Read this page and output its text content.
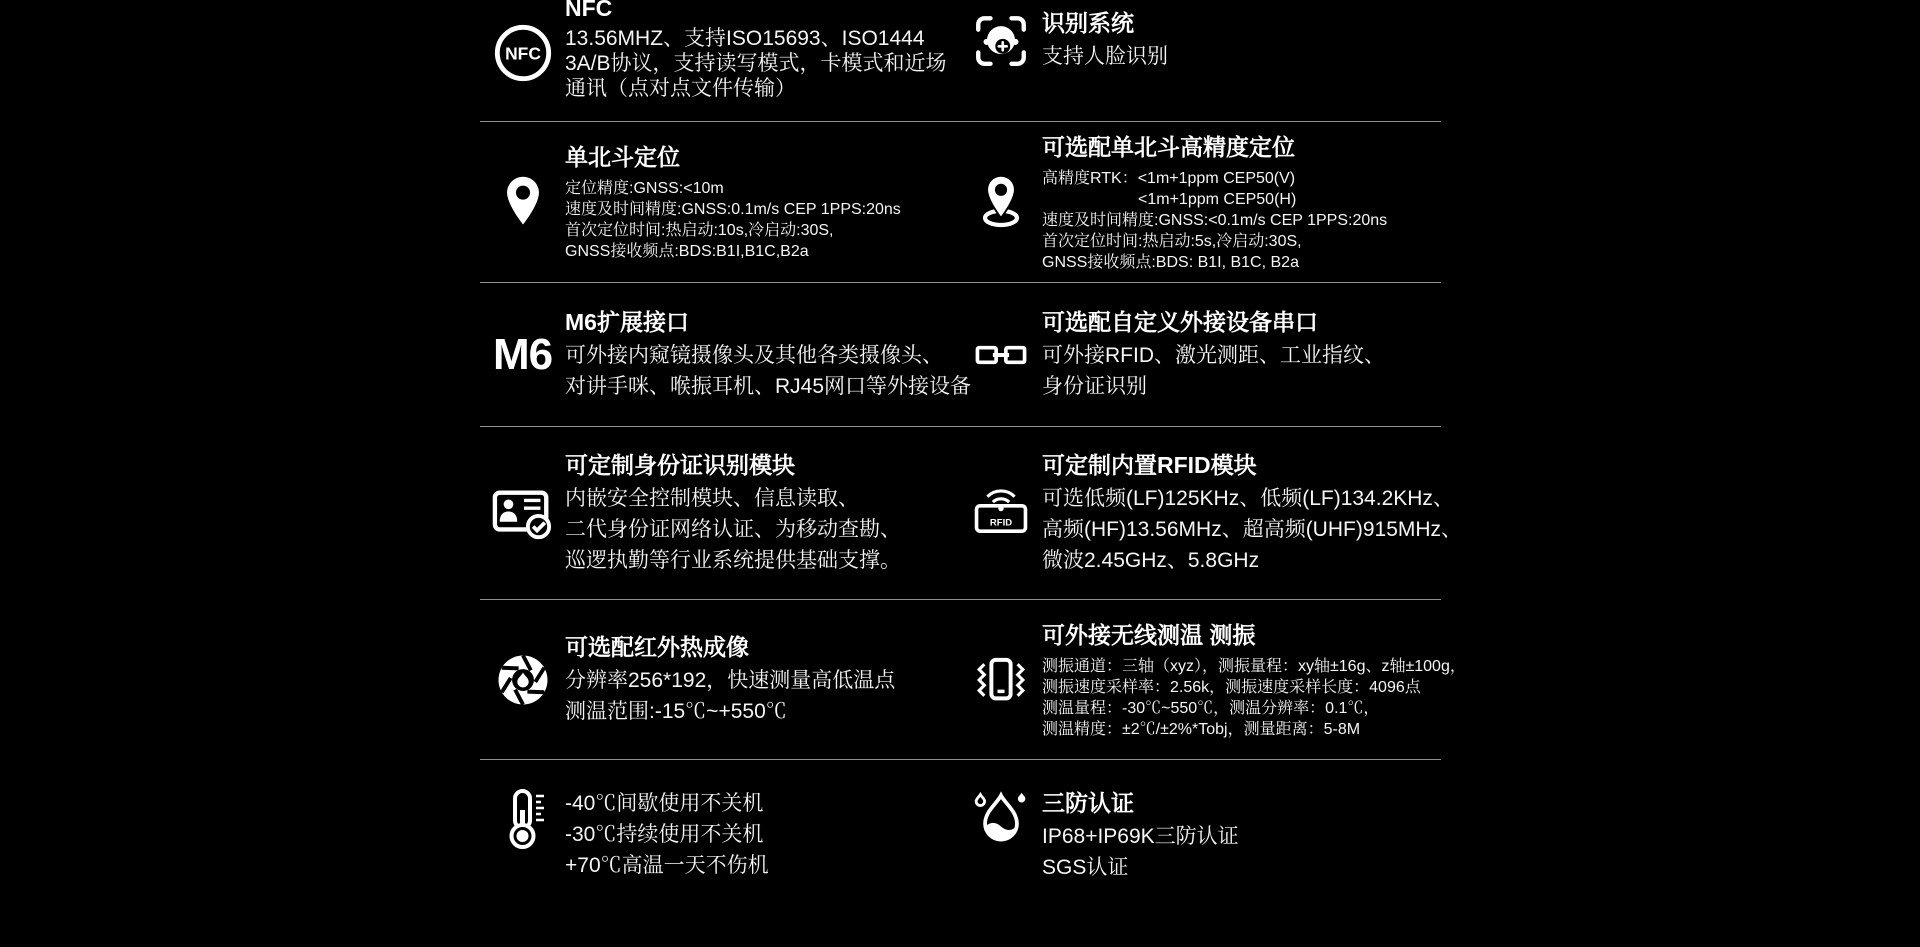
NFC
NFC
13.56MHZ、支持ISO15693、ISO1444
3A/B协议，支持读写模式，卡模式和近场
通讯（点对点文件传输）
识别系统
支持人脸识别
单北斗定位
定位精度:GNSS:<10m
速度及时间精度:GNSS:0.1m/s CEP 1PPS:20ns
首次定位时间:热启动:10s,冷启动:30S,
GNSS接收频点:BDS:B1I,B1C,B2a
可选配单北斗高精度定位
高精度RTK：<1m+1ppm CEP50(V)
<1m+1ppm CEP50(H)
速度及时间精度:GNSS:<0.1m/s CEP 1PPS:20ns
首次定位时间:热启动:5s,冷启动:30S,
GNSS接收频点:BDS: B1I, B1C, B2a
M6
M6扩展接口
可外接内窥镜摄像头及其他各类摄像头、
对讲手咪、喉振耳机、RJ45网口等外接设备
可选配自定义外接设备串口
可外接RFID、激光测距、工业指纹、
身份证识别
可定制身份证识别模块
内嵌安全控制模块、信息读取、
二代身份证网络认证、为移动查勘、
巡逻执勤等行业系统提供基础支撑。
RFID
可定制内置RFID模块
可选低频(LF)125KHz、低频(LF)134.2KHz、
高频(HF)13.56MHz、超高频(UHF)915MHz、
微波2.45GHz、5.8GHz
可选配红外热成像
分辨率256*192，快速测量高低温点
测温范围:-15℃~+550℃
可外接无线测温 测振
测振通道：三轴（xyz），测振量程：xy轴±16g、z轴±100g，
测振速度采样率：2.56k，测振速度采样长度：4096点
测温量程：-30℃~550℃，测温分辨率：0.1℃，
测温精度：±2℃/±2%*Tobj，测量距离：5-8M
-40℃间歇使用不关机
-30℃持续使用不关机
+70℃高温一天不伤机
三防认证
IP68+IP69K三防认证
SGS认证
